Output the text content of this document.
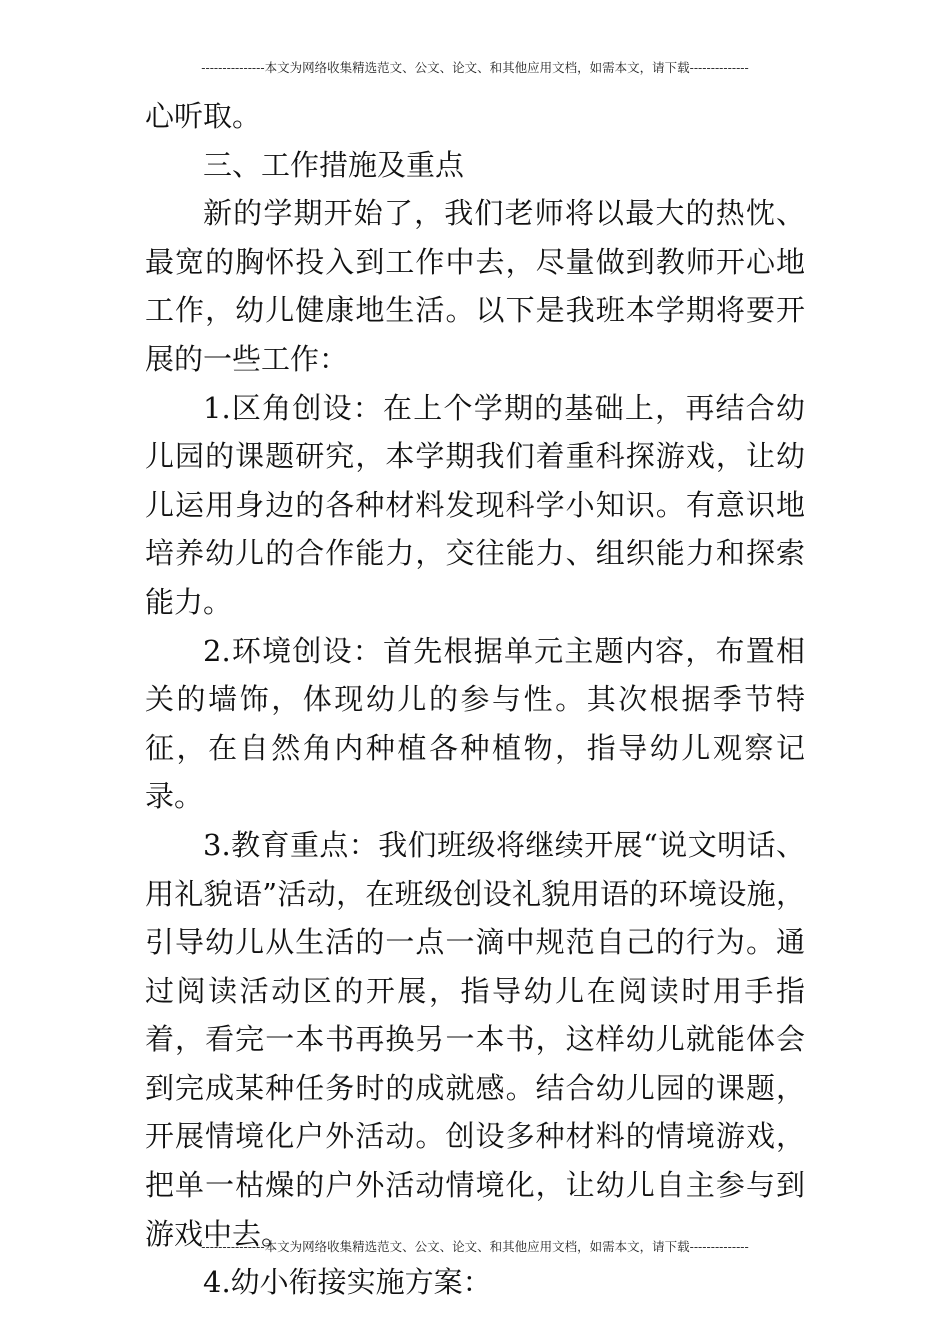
---------------本文为网络收集精选范文、公文、论文、和其他应用文档，如需本文，请下载--------------

心听取。

三、工作措施及重点

新的学期开始了，我们老师将以最大的热忱、最宽的胸怀投入到工作中去，尽量做到教师开心地工作，幼儿健康地生活。以下是我班本学期将要开展的一些工作：

1.区角创设：在上个学期的基础上，再结合幼儿园的课题研究，本学期我们着重科探游戏，让幼儿运用身边的各种材料发现科学小知识。有意识地培养幼儿的合作能力，交往能力、组织能力和探索能力。

2.环境创设：首先根据单元主题内容，布置相关的墙饰，体现幼儿的参与性。其次根据季节特征，在自然角内种植各种植物，指导幼儿观察记录。

3.教育重点：我们班级将继续开展“说文明话、用礼貌语”活动，在班级创设礼貌用语的环境设施，引导幼儿从生活的一点一滴中规范自己的行为。通过阅读活动区的开展，指导幼儿在阅读时用手指着，看完一本书再换另一本书，这样幼儿就能体会到完成某种任务时的成就感。结合幼儿园的课题，开展情境化户外活动。创设多种材料的情境游戏，把单一枯燥的户外活动情境化，让幼儿自主参与到游戏中去。

4.幼小衔接实施方案：

---------------本文为网络收集精选范文、公文、论文、和其他应用文档，如需本文，请下载--------------
